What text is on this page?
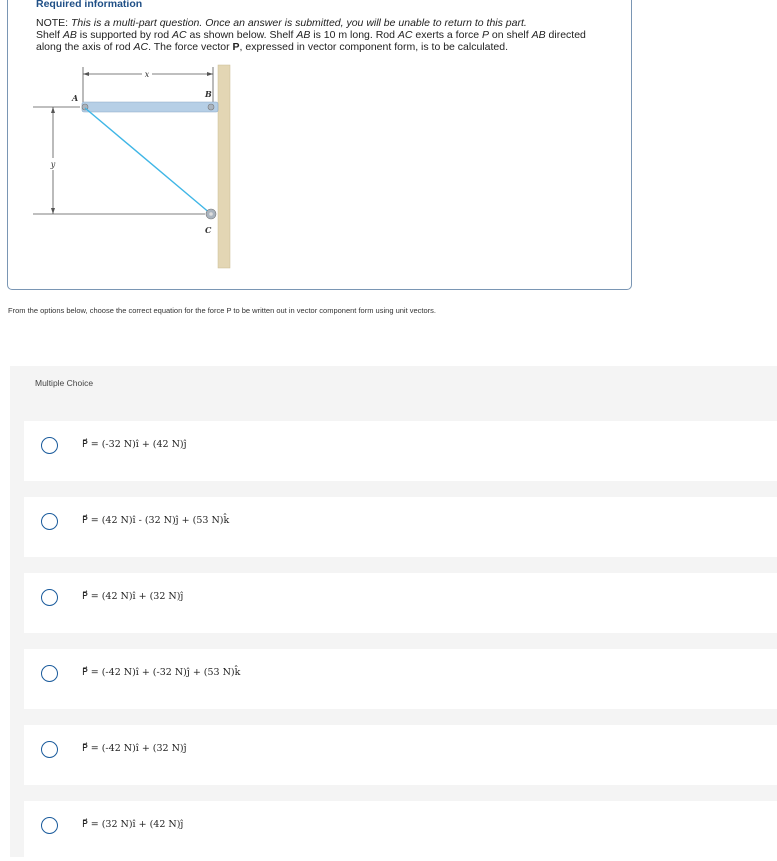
Required information
NOTE: This is a multi-part question. Once an answer is submitted, you will be unable to return to this part.
Shelf AB is supported by rod AC as shown below. Shelf AB is 10 m long. Rod AC exerts a force P on shelf AB directed
along the axis of rod AC. The force vector P, expressed in vector component form, is to be calculated.
x
y
A	B
C
From the options below, choose the correct equation for the force P to be written out in vector component form using unit vectors.
Multiple Choice
P⃗ = (-32 N)î + (42 N)ĵ
P⃗ = (42 N)î - (32 N)ĵ + (53 N)k̂
P⃗ = (42 N)î + (32 N)ĵ
P⃗ = (-42 N)î + (-32 N)ĵ + (53 N)k̂
P⃗ = (-42 N)î + (32 N)ĵ
P⃗ = (32 N)î + (42 N)ĵ
